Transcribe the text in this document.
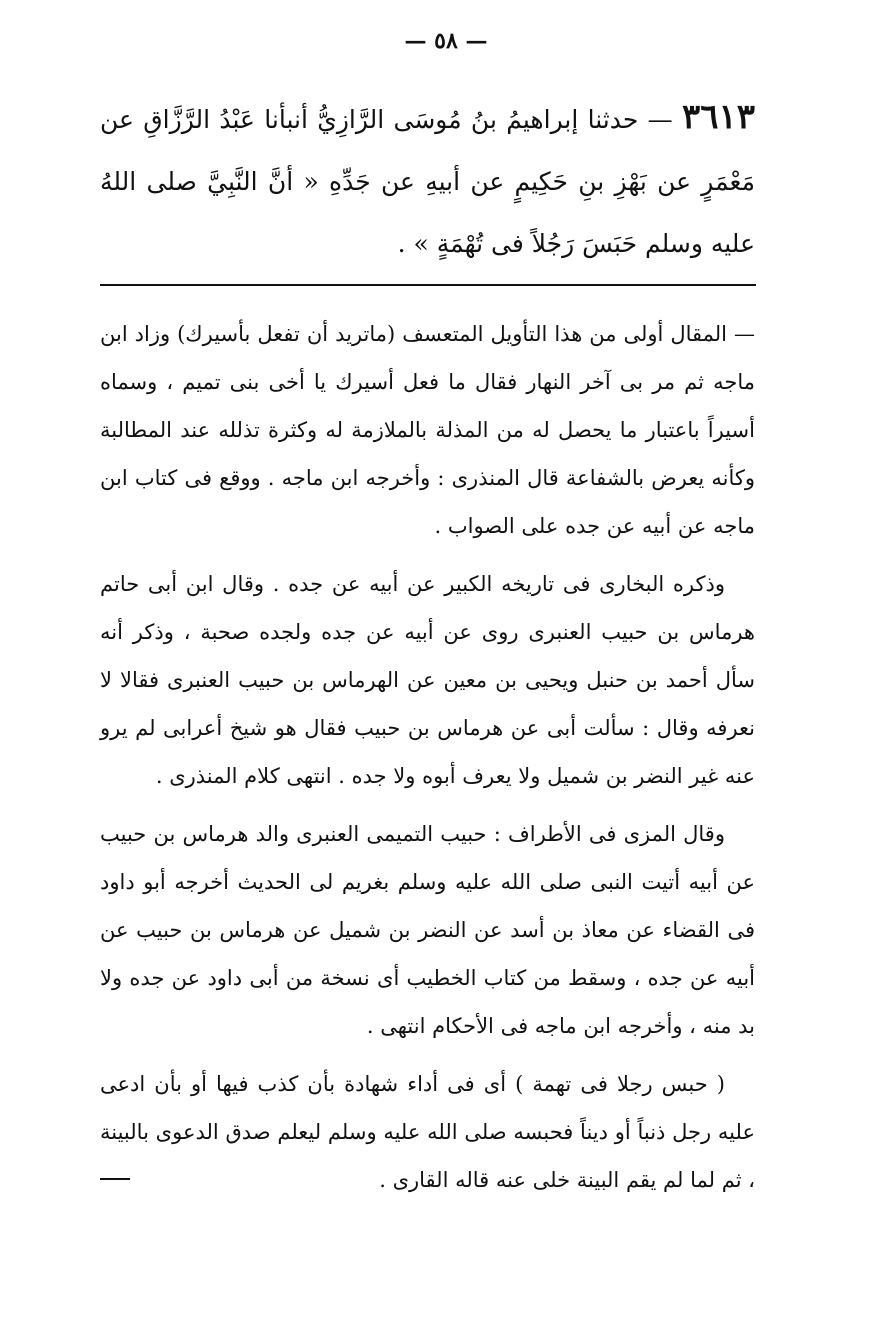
— ٥٨ —
٣٦١٣ — حدثنا إبراهيمُ بنُ مُوسَى الرَّازِيُّ أنبأنا عَبْدُ الرَّزَّاقِ عن مَعْمَرٍ عن بَهْزِ بنِ حَكِيمٍ عن أبيهِ عن جَدِّهِ « أنَّ النَّبِيَّ صلى اللهُ عليه وسلم حَبَسَ رَجُلاً فى تُهْمَةٍ » .

— المقال أولى من هذا التأويل المتعسف (ماتريد أن تفعل بأسيرك) وزاد ابن ماجه ثم مر بى آخر النهار فقال ما فعل أسيرك يا أخى بنى تميم ، وسماه أسيراً باعتبار ما يحصل له من المذلة بالملازمة له وكثرة تذلله عند المطالبة وكأنه يعرض بالشفاعة قال المنذرى : وأخرجه ابن ماجه . ووقع فى كتاب ابن ماجه عن أبيه عن جده على الصواب .

وذكره البخارى فى تاريخه الكبير عن أبيه عن جده . وقال ابن أبى حاتم هرماس بن حبيب العنبرى روى عن أبيه عن جده ولجده صحبة ، وذكر أنه سأل أحمد بن حنبل ويحيى بن معين عن الهرماس بن حبيب العنبرى فقالا لا نعرفه وقال : سألت أبى عن هرماس بن حبيب فقال هو شيخ أعرابى لم يرو عنه غير النضر بن شميل ولا يعرف أبوه ولا جده . انتهى كلام المنذرى .

وقال المزى فى الأطراف : حبيب التميمى العنبرى والد هرماس بن حبيب عن أبيه أتيت النبى صلى الله عليه وسلم بغريم لى الحديث أخرجه أبو داود فى القضاء عن معاذ بن أسد عن النضر بن شميل عن هرماس بن حبيب عن أبيه عن جده ، وسقط من كتاب الخطيب أى نسخة من أبى داود عن جده ولا بد منه ، وأخرجه ابن ماجه فى الأحكام انتهى .

( حبس رجلا فى تهمة ) أى فى أداء شهادة بأن كذب فيها أو بأن ادعى عليه رجل ذنباً أو ديناً فحبسه صلى الله عليه وسلم ليعلم صدق الدعوى بالبينة ، ثم لما لم يقم البينة خلى عنه قاله القارى .
